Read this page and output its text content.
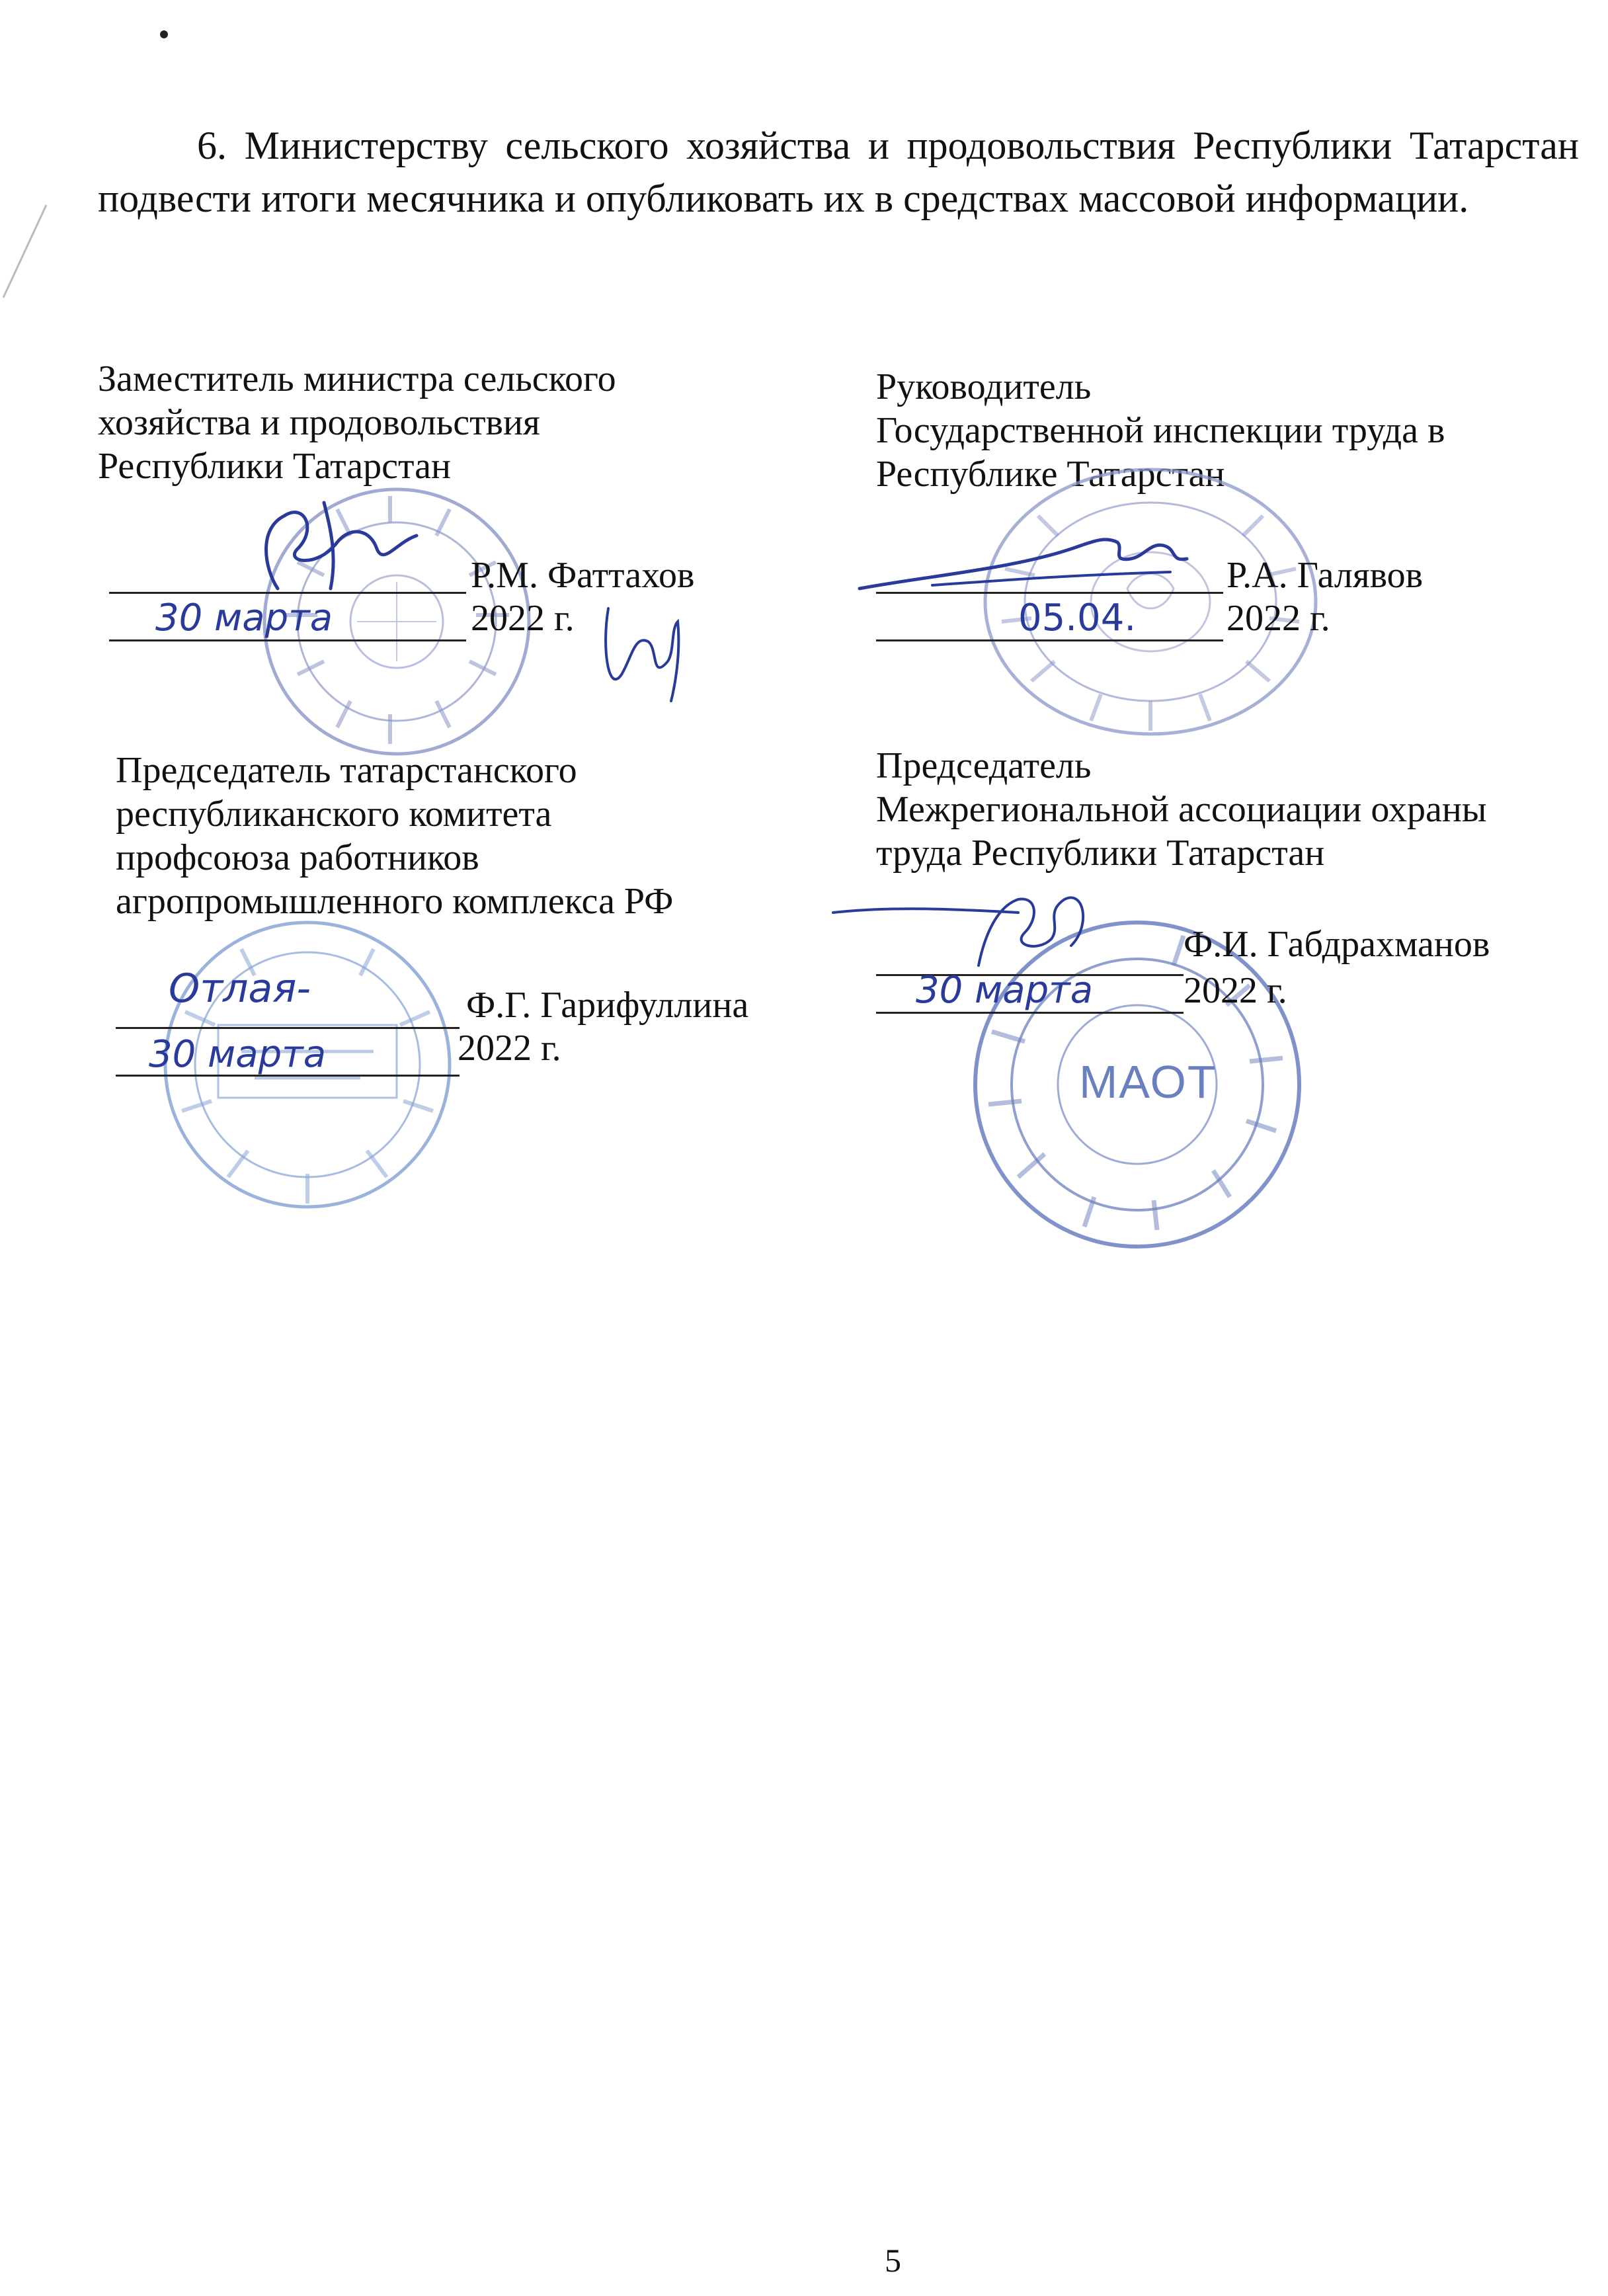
6. Министерству сельского хозяйства и продовольствия Республики Татарстан подвести итоги месячника и опубликовать их в средствах массовой информации.
Заместитель министра сельского
хозяйства и продовольствия
Республики Татарстан
Р.М. Фаттахов
30 марта	2022 г.
Руководитель
Государственной инспекции труда в
Республике Татарстан
Р.А. Галявов
05.04. 2022 г.
Председатель татарстанского
республиканского комитета
профсоюза работников
агропромышленного комплекса РФ
Отлая-	Ф.Г. Гарифуллина
30 марта	2022 г.
Председатель
Межрегиональной ассоциации охраны
труда Республики Татарстан
МАОТ
Ф.И. Габдрахманов
30 марта 2022 г.
5
